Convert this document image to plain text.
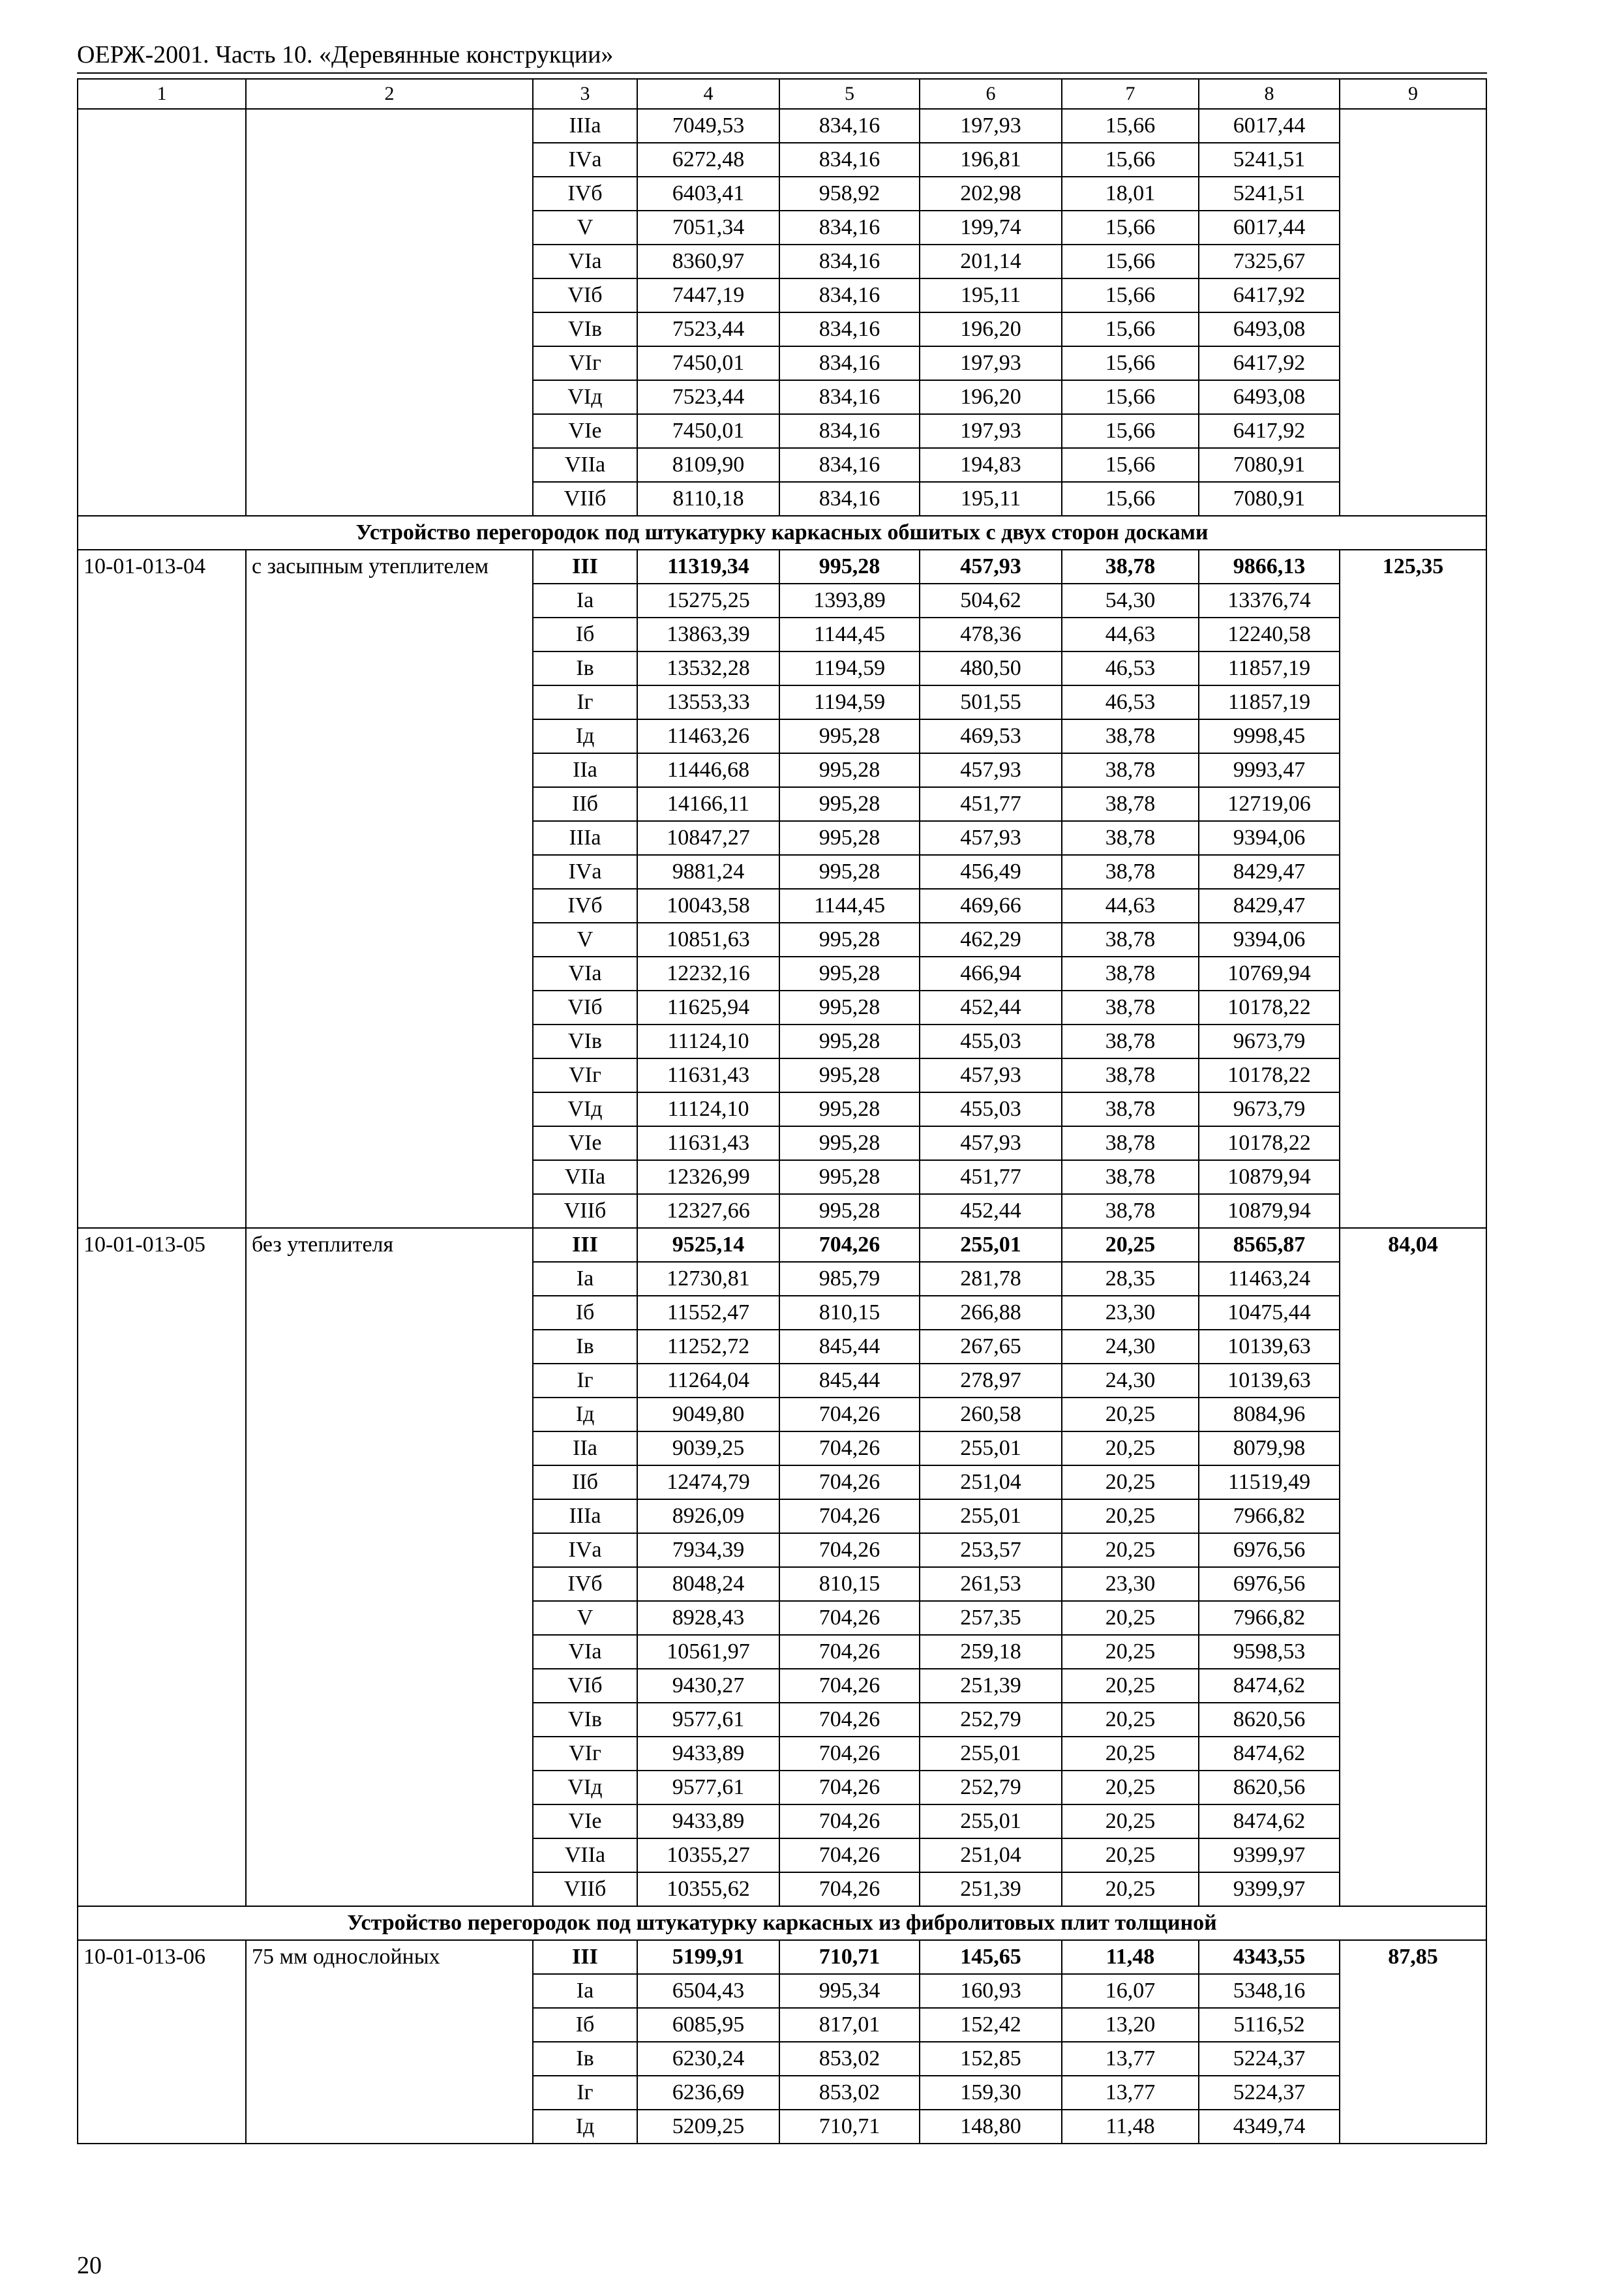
ОЕРЖ-2001. Часть 10. «Деревянные конструкции»
1	2	3	4	5	6	7	8	9
		IIIа	7049,53	834,16	197,93	15,66	6017,44	
		IVа	6272,48	834,16	196,81	15,66	5241,51	
		IVб	6403,41	958,92	202,98	18,01	5241,51	
		V	7051,34	834,16	199,74	15,66	6017,44	
		VIа	8360,97	834,16	201,14	15,66	7325,67	
		VIб	7447,19	834,16	195,11	15,66	6417,92	
		VIв	7523,44	834,16	196,20	15,66	6493,08	
		VIг	7450,01	834,16	197,93	15,66	6417,92	
		VIд	7523,44	834,16	196,20	15,66	6493,08	
		VIе	7450,01	834,16	197,93	15,66	6417,92	
		VIIа	8109,90	834,16	194,83	15,66	7080,91	
		VIIб	8110,18	834,16	195,11	15,66	7080,91	
Устройство перегородок под штукатурку каркасных обшитых с двух сторон досками								
10-01-013-04	с засыпным утеплителем	III	11319,34	995,28	457,93	38,78	9866,13	125,35
		Iа	15275,25	1393,89	504,62	54,30	13376,74	
		Iб	13863,39	1144,45	478,36	44,63	12240,58	
		Iв	13532,28	1194,59	480,50	46,53	11857,19	
		Iг	13553,33	1194,59	501,55	46,53	11857,19	
		Iд	11463,26	995,28	469,53	38,78	9998,45	
		IIа	11446,68	995,28	457,93	38,78	9993,47	
		IIб	14166,11	995,28	451,77	38,78	12719,06	
		IIIа	10847,27	995,28	457,93	38,78	9394,06	
		IVа	9881,24	995,28	456,49	38,78	8429,47	
		IVб	10043,58	1144,45	469,66	44,63	8429,47	
		V	10851,63	995,28	462,29	38,78	9394,06	
		VIа	12232,16	995,28	466,94	38,78	10769,94	
		VIб	11625,94	995,28	452,44	38,78	10178,22	
		VIв	11124,10	995,28	455,03	38,78	9673,79	
		VIг	11631,43	995,28	457,93	38,78	10178,22	
		VIд	11124,10	995,28	455,03	38,78	9673,79	
		VIе	11631,43	995,28	457,93	38,78	10178,22	
		VIIа	12326,99	995,28	451,77	38,78	10879,94	
		VIIб	12327,66	995,28	452,44	38,78	10879,94	
10-01-013-05	без утеплителя	III	9525,14	704,26	255,01	20,25	8565,87	84,04
		Iа	12730,81	985,79	281,78	28,35	11463,24	
		Iб	11552,47	810,15	266,88	23,30	10475,44	
		Iв	11252,72	845,44	267,65	24,30	10139,63	
		Iг	11264,04	845,44	278,97	24,30	10139,63	
		Iд	9049,80	704,26	260,58	20,25	8084,96	
		IIа	9039,25	704,26	255,01	20,25	8079,98	
		IIб	12474,79	704,26	251,04	20,25	11519,49	
		IIIа	8926,09	704,26	255,01	20,25	7966,82	
		IVа	7934,39	704,26	253,57	20,25	6976,56	
		IVб	8048,24	810,15	261,53	23,30	6976,56	
		V	8928,43	704,26	257,35	20,25	7966,82	
		VIа	10561,97	704,26	259,18	20,25	9598,53	
		VIб	9430,27	704,26	251,39	20,25	8474,62	
		VIв	9577,61	704,26	252,79	20,25	8620,56	
		VIг	9433,89	704,26	255,01	20,25	8474,62	
		VIд	9577,61	704,26	252,79	20,25	8620,56	
		VIе	9433,89	704,26	255,01	20,25	8474,62	
		VIIа	10355,27	704,26	251,04	20,25	9399,97	
		VIIб	10355,62	704,26	251,39	20,25	9399,97	
Устройство перегородок под штукатурку каркасных из фибролитовых плит толщиной								
10-01-013-06	75 мм однослойных	III	5199,91	710,71	145,65	11,48	4343,55	87,85
		Iа	6504,43	995,34	160,93	16,07	5348,16	
		Iб	6085,95	817,01	152,42	13,20	5116,52	
		Iв	6230,24	853,02	152,85	13,77	5224,37	
		Iг	6236,69	853,02	159,30	13,77	5224,37	
		Iд	5209,25	710,71	148,80	11,48	4349,74	
20
